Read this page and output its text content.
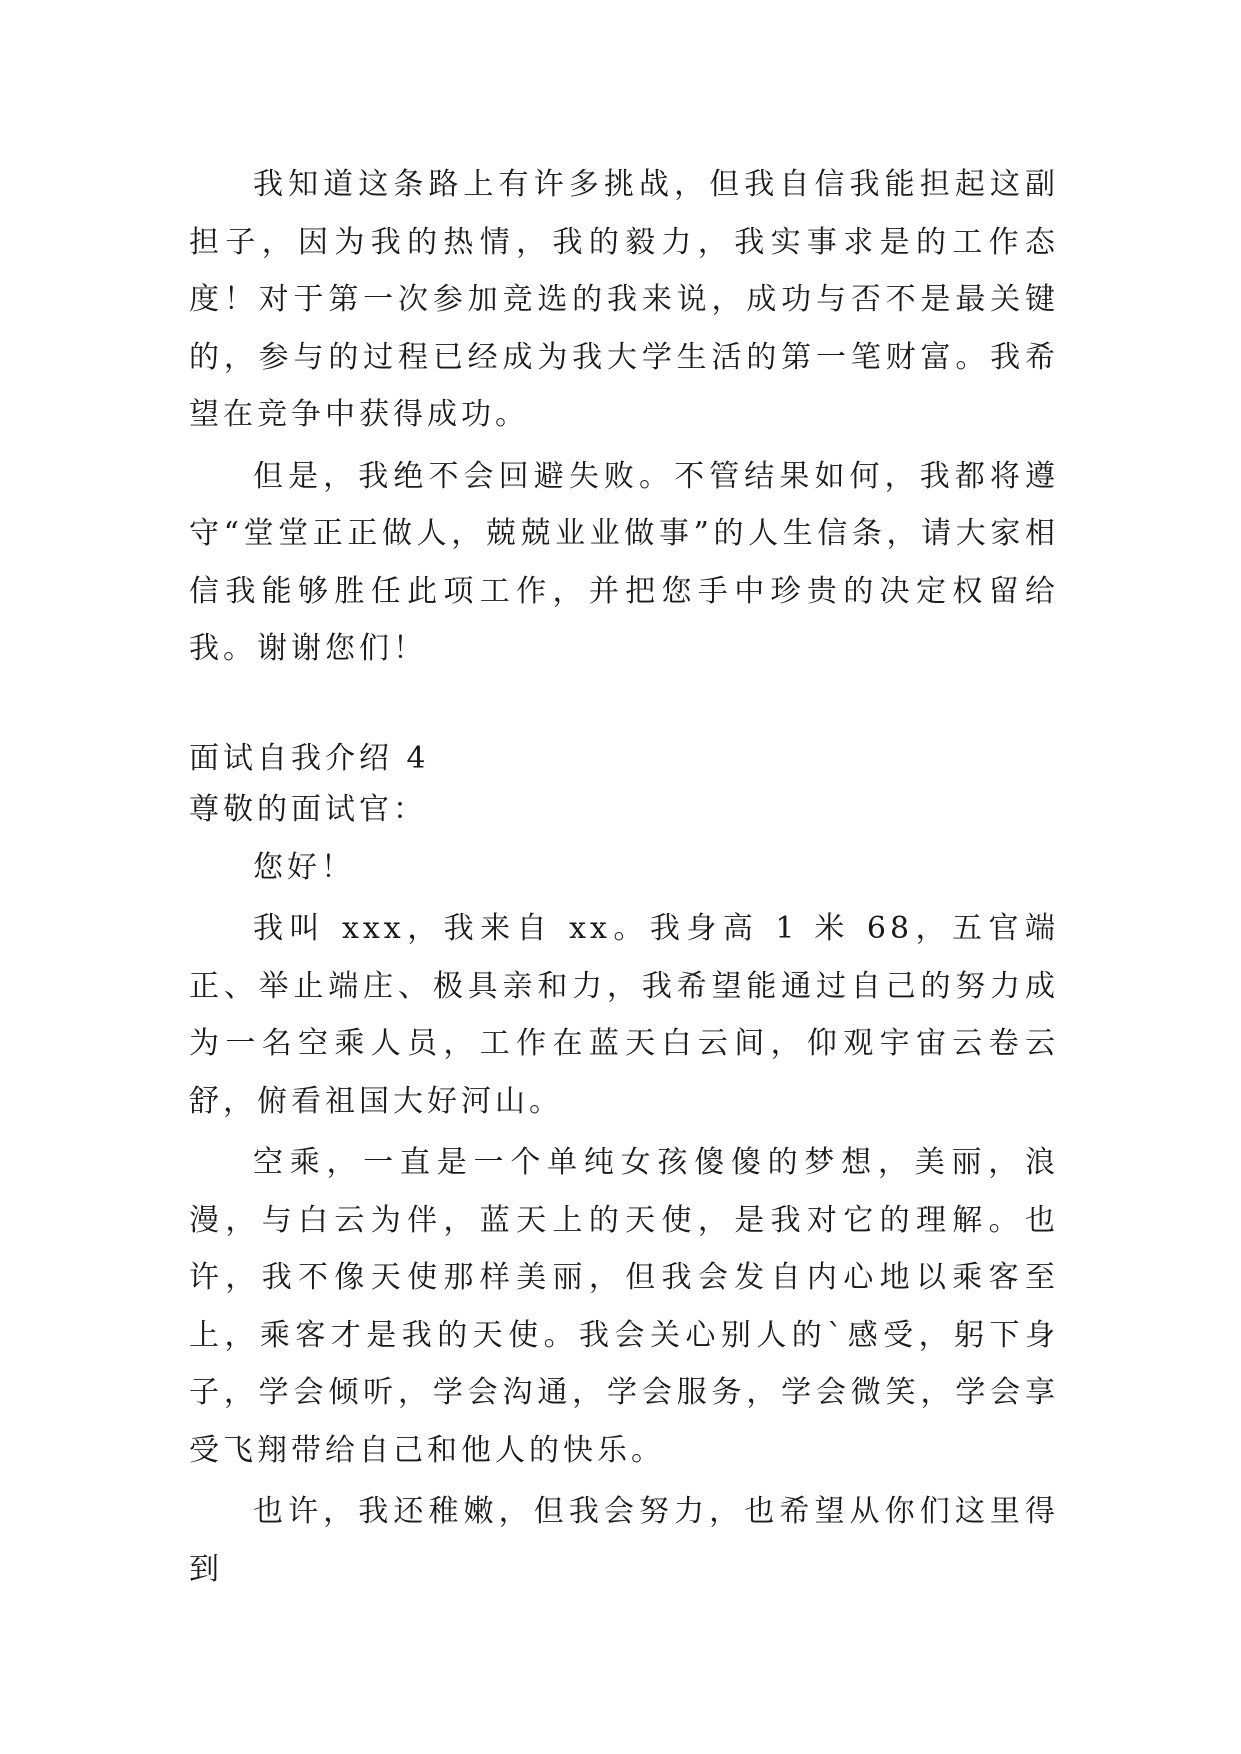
我知道这条路上有许多挑战，但我自信我能担起这副担子，因为我的热情，我的毅力，我实事求是的工作态度！对于第一次参加竞选的我来说，成功与否不是最关键的，参与的过程已经成为我大学生活的第一笔财富。我希望在竞争中获得成功。

但是，我绝不会回避失败。不管结果如何，我都将遵守“堂堂正正做人，兢兢业业做事”的人生信条，请大家相信我能够胜任此项工作，并把您手中珍贵的决定权留给我。谢谢您们！

面试自我介绍 4

尊敬的面试官：

您好！

我叫 xxx，我来自 xx。我身高 1 米 68，五官端正、举止端庄、极具亲和力，我希望能通过自己的努力成为一名空乘人员，工作在蓝天白云间，仰观宇宙云卷云舒，俯看祖国大好河山。

空乘，一直是一个单纯女孩傻傻的梦想，美丽，浪漫，与白云为伴，蓝天上的天使，是我对它的理解。也许，我不像天使那样美丽，但我会发自内心地以乘客至上，乘客才是我的天使。我会关心别人的`感受，躬下身子，学会倾听，学会沟通，学会服务，学会微笑，学会享受飞翔带给自己和他人的快乐。

也许，我还稚嫩，但我会努力，也希望从你们这里得到
